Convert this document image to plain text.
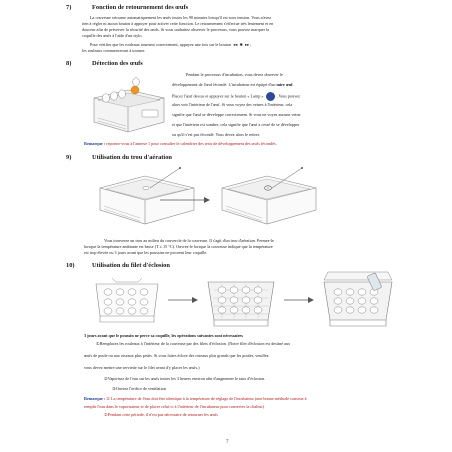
7)	Fonction de retournement des œufs
La couveuse retourne automatiquement les œufs toutes les 90 minutes lorsqu'il est sous tension. Vous n'avez
rien à régler ni aucun bouton à appuyer pour activer cette fonction. Le retournement s'effectue très lentement et en
douceur afin de préserver la sécurité des œufs. Si vous souhaitez observer le processus, vous pouvez marquer la
coquille des œufs à l'aide d'un stylo.
Pour vérifier que les rouleaux tournent correctement, appuyez une fois sur le bouton  ◂◂  ✱  ▸▸ ;
les rouleaux commenceront à tourner.
8)	Détection des œufs
Pendant le processus d'incubation, vous devez observer le
développement de l'œuf fécondé. L'incubateur est équipé d'un mire œuf.
Placez l'œuf dessus et appuyez sur le bouton « Lamp »	. Vous pouvez
alors voir l'intérieur de l'œuf. Si vous voyez des veines à l'intérieur, cela
signifie que l'œuf se développe correctement. Si vous ne voyez aucune veine
et que l'intérieur est sombre, cela signifie que l'œuf a cessé de se développer
ou qu'il s'est pas fécondé. Vous devez alors le retirer.
Remarque : reportez-vous à l'annexe 1 pour consulter le calendrier des tests de développement des œufs fécondés.
9)	Utilisation du trou d'aération
Vous trouverez un trou au milieu du couvercle de la couveuse. Il s'agit d'un trou d'aération. Fermez-le
lorsque la température ambiante est basse (T ≤ 15 °C). Ouvrez-le lorsque la couveuse indique que la température
est trop élevée ou 3 jours avant que les poussins ne picorent leur coquille.
10)	Utilisation du filet d'éclosion
3 jours avant que le poussin ne perce sa coquille, les opérations suivantes sont nécessaires
①Remplacez les rouleaux à l'intérieur de la couveuse par des filets d'éclosion. (Notre filet d'éclosion est destiné aux
œufs de poule ou aux oiseaux plus petits. Si vous faites éclore des oiseaux plus grands que les poules, veuillez
vous devez mettre une serviette sur le filet avant d'y placer les œufs.)
②Vaporisez de l'eau sur les œufs toutes les 3 heures environ afin d'augmenter le taux d'éclosion.
③Ouvrez l'orifice de ventilation
Remarque : ① La température de l'eau doit être identique à la température de réglage de l'incubateur (une bonne méthode consiste à
remplir l'eau dans le vaporisateur et de placer celui-ci à l'intérieur de l'incubateur pour conserver la chaleur)
②Pendant cette période, il n'est pas nécessaire de retourner les œufs
7
